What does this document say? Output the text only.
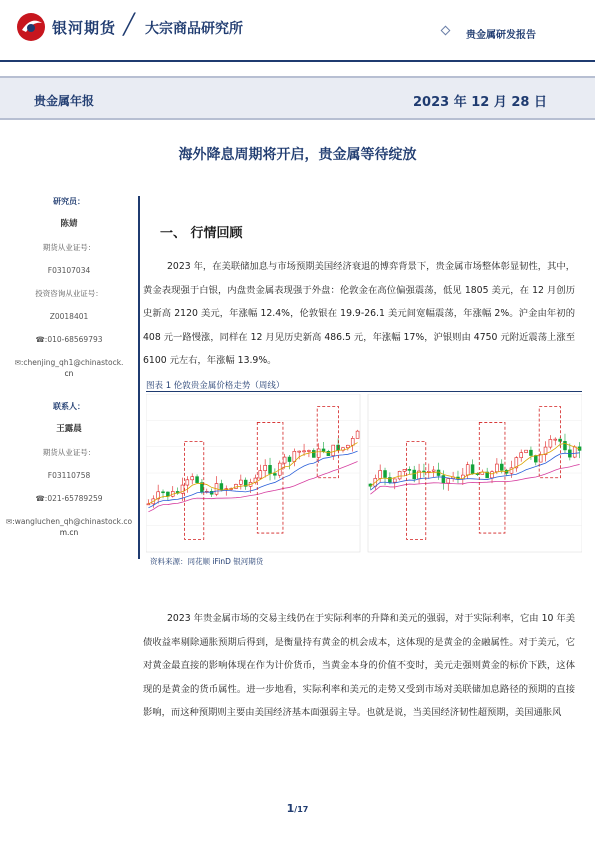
银河期货 ╱ 大宗商品研究所	贵金属研发报告
贵金属年报	2023 年 12 月 28 日
海外降息周期将开启，贵金属等待绽放
研究员：
陈婧
期货从业证号：
F03107034
投资咨询从业证号：
Z0018401
☎:010-68569793
✉:chenjing_qh1@chinastock.
cn
联系人：
王露晨
期货从业证号：
F03110758
☎:021-65789259
✉:wangluchen_qh@chinastock.co
m.cn
一、 行情回顾
2023 年，在美联储加息与市场预期美国经济衰退的博弈背景下，贵金属市场整体彰显韧性，其中，黄金表现强于白银，内盘贵金属表现强于外盘：伦敦金在高位偏强震荡，低见 1805 美元，在 12 月创历史新高 2120 美元，年涨幅 12.4%，伦敦银在 19.9-26.1 美元间宽幅震荡，年涨幅 2%。沪金由年初的 408 元一路慢涨，同样在 12 月见历史新高 486.5 元，年涨幅 17%，沪银则由 4750 元附近震荡上涨至 6100 元左右，年涨幅 13.9%。
图表 1 伦敦贵金属价格走势（周线）
资料来源：同花顺 iFinD 银河期货
2023 年贵金属市场的交易主线仍在于实际利率的升降和美元的强弱，对于实际利率，它由 10 年美债收益率剔除通胀预期后得到，是衡量持有黄金的机会成本，这体现的是黄金的金融属性。对于美元，它对黄金最直接的影响体现在作为计价货币，当黄金本身的价值不变时，美元走强则黄金的标价下跌，这体现的是黄金的货币属性。进一步地看，实际利率和美元的走势又受到市场对美联储加息路径的预期的直接影响，而这种预期则主要由美国经济基本面强弱主导。也就是说，当美国经济韧性超预期，美国通胀风
1/17
